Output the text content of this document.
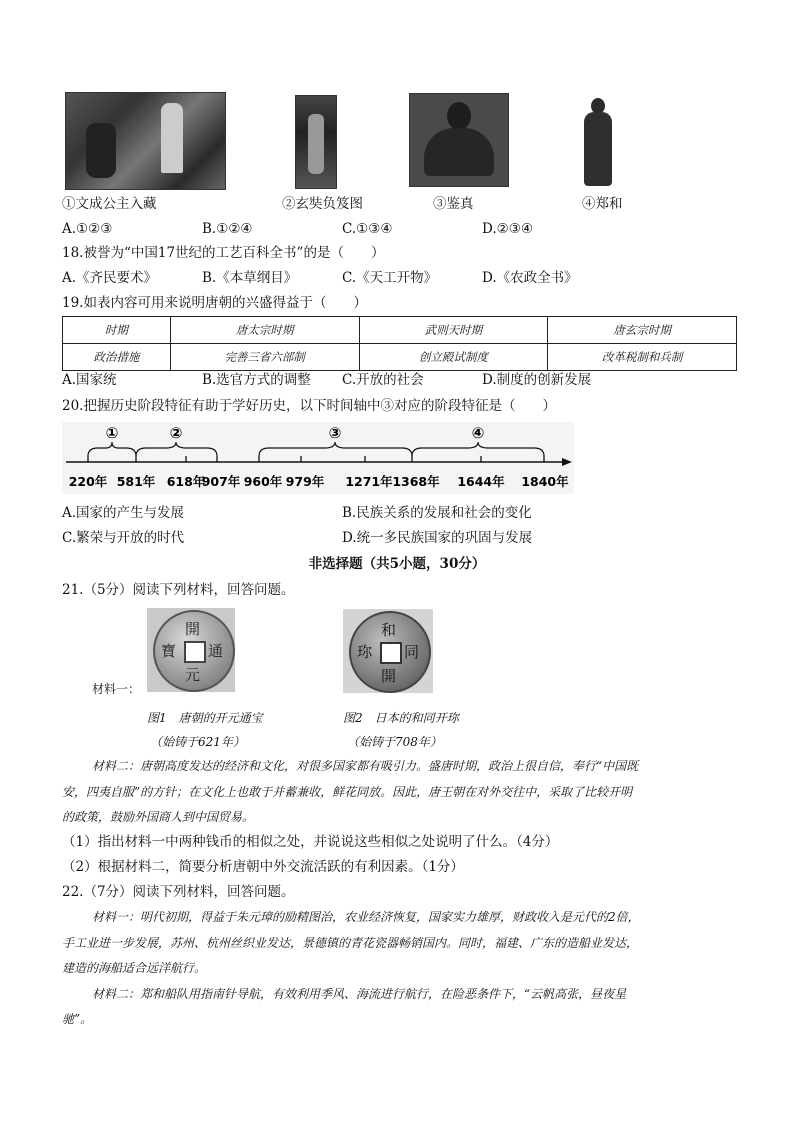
①文成公主入藏	②玄奘负笈图	③鉴真	④郑和
A.①②③	B.①②④	C.①③④	D.②③④
18.被誉为“中国17世纪的工艺百科全书”的是（　　）
A.《齐民要术》	B.《本草纲目》	C.《天工开物》	D.《农政全书》
19.如表内容可用来说明唐朝的兴盛得益于（　　）
时期	唐太宗时期	武则天时期	唐玄宗时期
政治措施	完善三省六部制	创立殿试制度	改革税制和兵制
A.国家统	B.选官方式的调整 C.开放的社会	D.制度的创新发展
20.把握历史阶段特征有助于学好历史，以下时间轴中③对应的阶段特征是（　　）
①	②	③	④
220年 581年 618年
907年 960年 979年 1271年 1368年 1644年 1840年
A.国家的产生与发展	B.民族关系的发展和社会的变化
C.繁荣与开放的时代	D.统一多民族国家的巩固与发展
非选择题（共5小题，30分）
21.（5分）阅读下列材料，回答问题。
材料一：
開
通
寶
元
和
同
開
珎
图1　唐朝的开元通宝
（始铸于621年）
图2　日本的和同开珎
（始铸于708年）
材料二：唐朝高度发达的经济和文化，对很多国家都有吸引力。盛唐时期，政治上很自信，奉行“中国既
安，四夷自服”的方针；在文化上也敢于并蓄兼收，鲜花同放。因此，唐王朝在对外交往中，采取了比较开明
的政策，鼓励外国商人到中国贸易。
（1）指出材料一中两种钱币的相似之处，并说说这些相似之处说明了什么。（4分）
（2）根据材料二，简要分析唐朝中外交流活跃的有利因素。（1分）
22.（7分）阅读下列材料，回答问题。
材料一：明代初期，得益于朱元璋的励精图治，农业经济恢复，国家实力雄厚，财政收入是元代的2倍，
手工业进一步发展，苏州、杭州丝织业发达，景德镇的青花瓷器畅销国内。同时，福建、广东的造船业发达，
建造的海船适合远洋航行。
材料二：郑和船队用指南针导航，有效利用季风、海流进行航行，在险恶条件下，“云帆高张，昼夜星
驰”。
